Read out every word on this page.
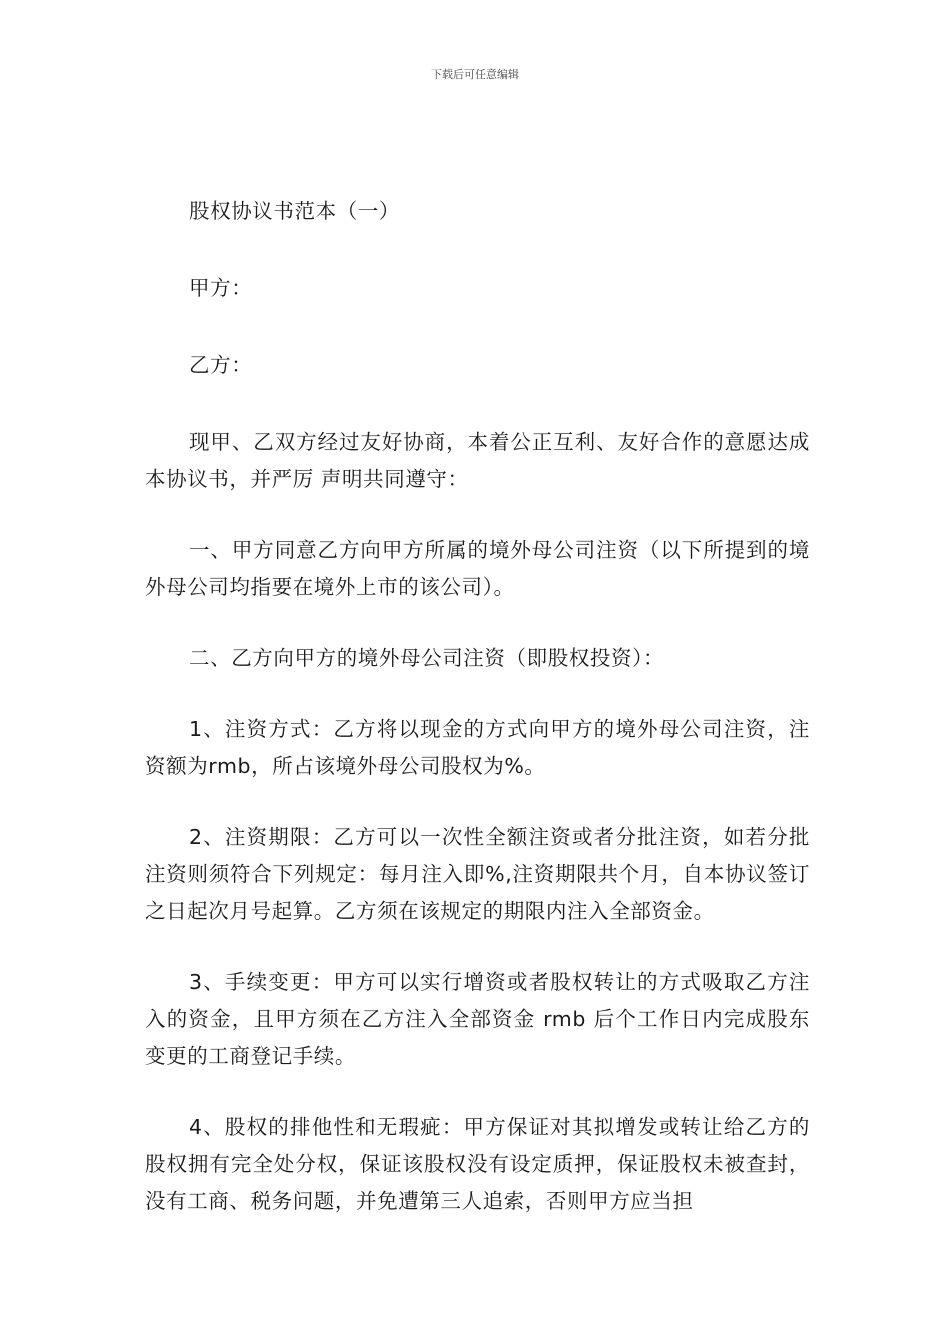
下载后可任意编辑

股权协议书范本（一）

甲方：

乙方：

现甲、乙双方经过友好协商，本着公正互利、友好合作的意愿达成本协议书，并严厉 声明共同遵守：

一、甲方同意乙方向甲方所属的境外母公司注资（以下所提到的境外母公司均指要在境外上市的该公司）。

二、乙方向甲方的境外母公司注资（即股权投资）：

1、注资方式：乙方将以现金的方式向甲方的境外母公司注资，注资额为rmb，所占该境外母公司股权为%。

2、注资期限：乙方可以一次性全额注资或者分批注资，如若分批注资则须符合下列规定：每月注入即%,注资期限共个月，自本协议签订之日起次月号起算。乙方须在该规定的期限内注入全部资金。

3、手续变更：甲方可以实行增资或者股权转让的方式吸取乙方注入的资金，且甲方须在乙方注入全部资金 rmb 后个工作日内完成股东变更的工商登记手续。

4、股权的排他性和无瑕疵：甲方保证对其拟增发或转让给乙方的股权拥有完全处分权，保证该股权没有设定质押，保证股权未被查封，没有工商、税务问题，并免遭第三人追索，否则甲方应当担
